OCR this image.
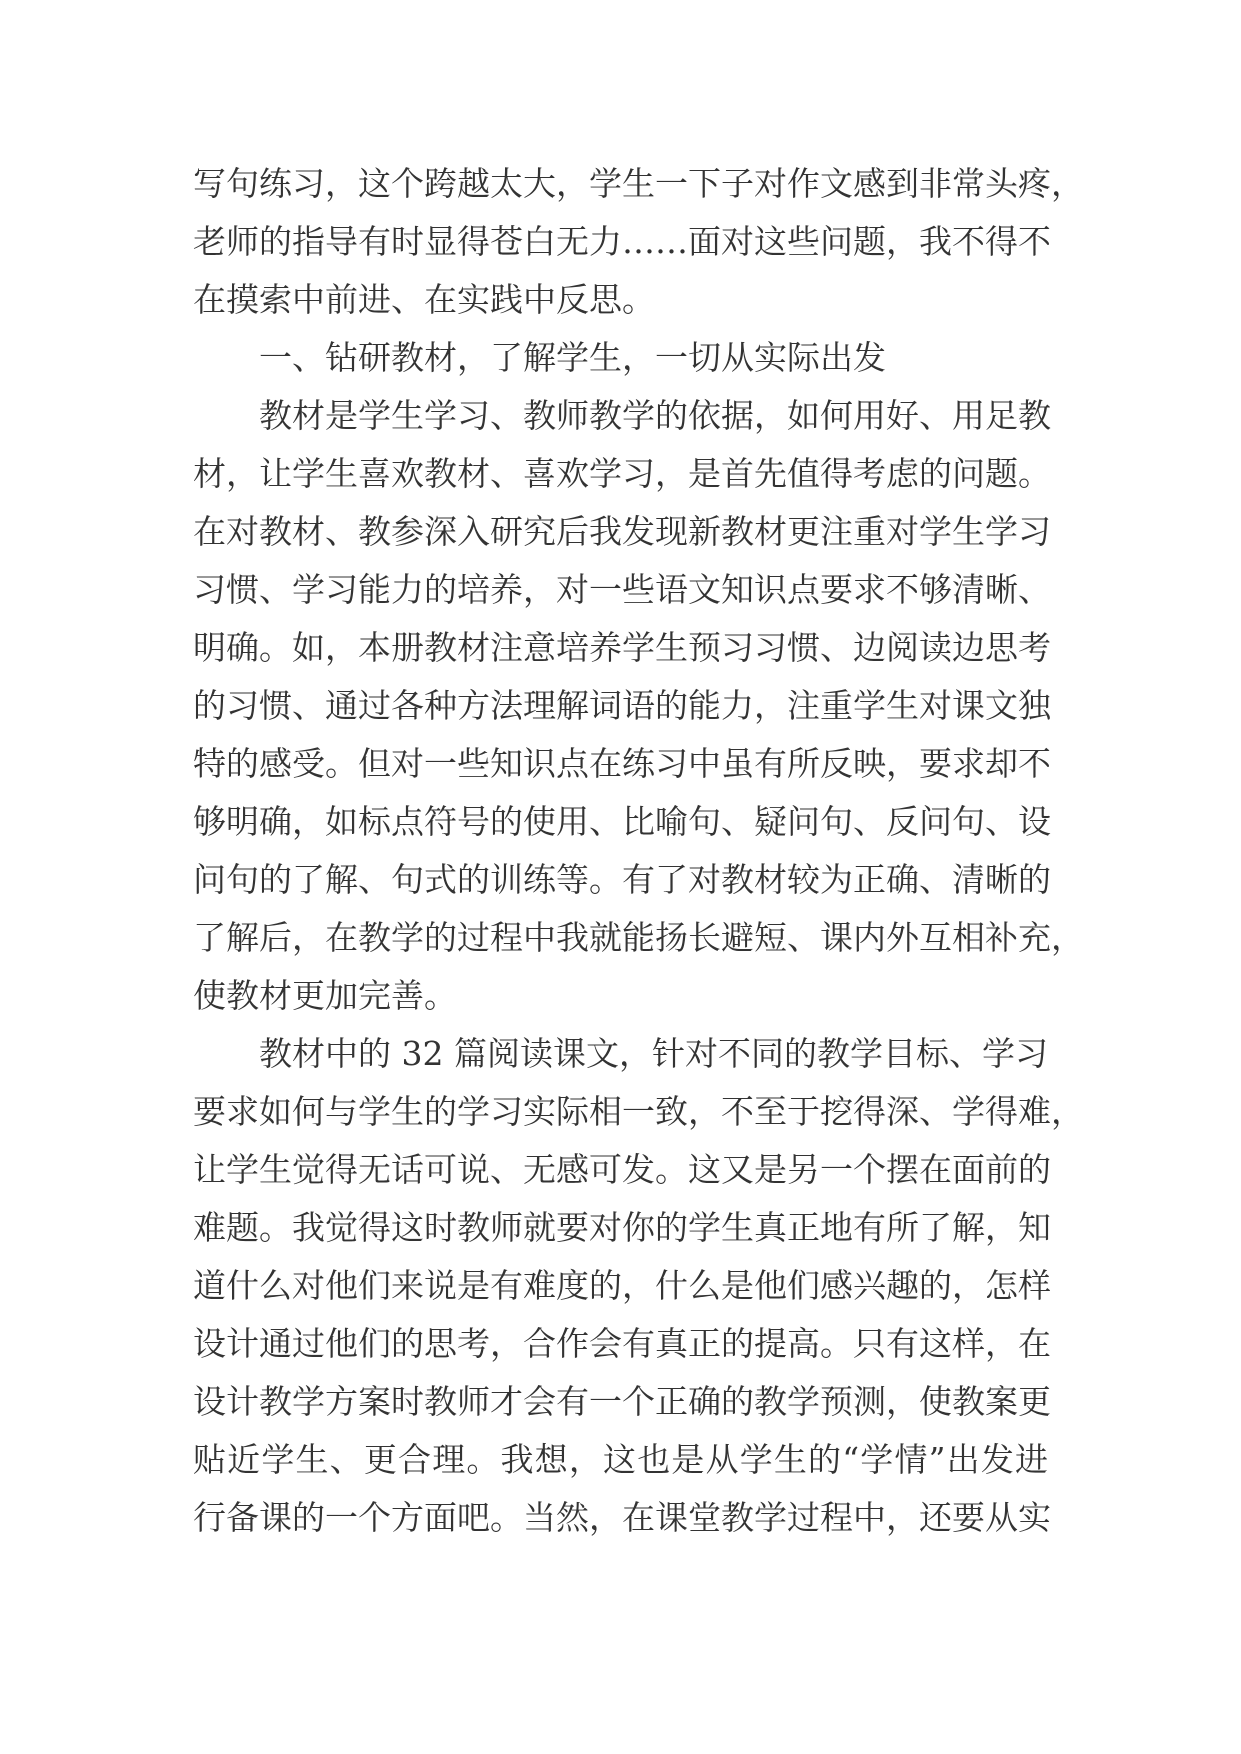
写句练习，这个跨越太大，学生一下子对作文感到非常头疼，
老师的指导有时显得苍白无力……面对这些问题，我不得不
在摸索中前进、在实践中反思。
一、钻研教材，了解学生，一切从实际出发
教材是学生学习、教师教学的依据，如何用好、用足教
材，让学生喜欢教材、喜欢学习，是首先值得考虑的问题。
在对教材、教参深入研究后我发现新教材更注重对学生学习
习惯、学习能力的培养，对一些语文知识点要求不够清晰、
明确。如，本册教材注意培养学生预习习惯、边阅读边思考
的习惯、通过各种方法理解词语的能力，注重学生对课文独
特的感受。但对一些知识点在练习中虽有所反映，要求却不
够明确，如标点符号的使用、比喻句、疑问句、反问句、设
问句的了解、句式的训练等。有了对教材较为正确、清晰的
了解后，在教学的过程中我就能扬长避短、课内外互相补充，
使教材更加完善。
教材中的 32 篇阅读课文，针对不同的教学目标、学习
要求如何与学生的学习实际相一致，不至于挖得深、学得难，
让学生觉得无话可说、无感可发。这又是另一个摆在面前的
难题。我觉得这时教师就要对你的学生真正地有所了解，知
道什么对他们来说是有难度的，什么是他们感兴趣的，怎样
设计通过他们的思考，合作会有真正的提高。只有这样，在
设计教学方案时教师才会有一个正确的教学预测，使教案更
贴近学生、更合理。我想，这也是从学生的“学情”出发进
行备课的一个方面吧。当然，在课堂教学过程中，还要从实
